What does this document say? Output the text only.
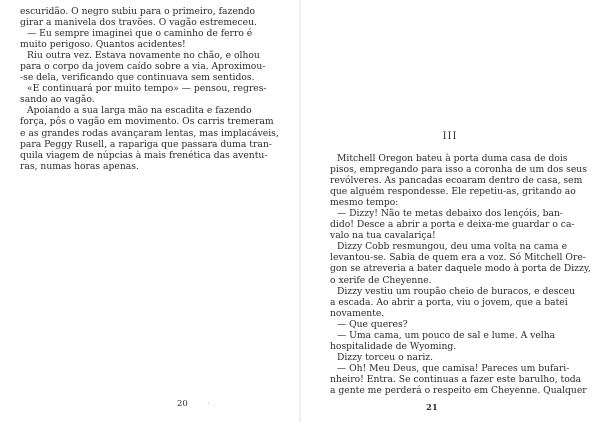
escuridão. O negro subiu para o primeiro, fazendo
girar a manivela dos travões. O vagão estremeceu.
— Eu sempre imaginei que o caminho de ferro é
muito perigoso. Quantos acidentes!
Riu outra vez. Estava novamente no chão, e olhou
para o corpo da jovem caído sobre a via. Aproximou-
-se dela, verificando que continuava sem sentidos.
«E continuará por muito tempo» — pensou, regres-
sando ao vagão.
Apoiando a sua larga mão na escadita e fazendo
força, pôs o vagão em movimento. Os carris tremeram
e as grandes rodas avançaram lentas, mas implacáveis,
para Peggy Rusell, a rapariga que passara duma tran-
quila viagem de núpcias à mais frenética das aventu-
ras, numas horas apenas.
20
III
Mitchell Oregon bateu à porta duma casa de dois
pisos, empregando para isso a coronha de um dos seus
revólveres. As pancadas ecoaram dentro de casa, sem
que alguém respondesse. Ele repetiu-as, gritando ao
mesmo tempo:
— Dizzy! Não te metas debaixo dos lençóis, ban-
dido! Desce a abrir a porta e deixa-me guardar o ca-
valo na tua cavalariça!
Dizzy Cobb resmungou, deu uma volta na cama e
levantou-se. Sabia de quem era a voz. Só Mitchell Ore-
gon se atreveria a bater daquele modo à porta de Dizzy,
o xerife de Cheyenne.
Dizzy vestiu um roupão cheio de buracos, e desceu
a escada. Ao abrir a porta, viu o jovem, que a batei
novamente.
— Que queres?
— Uma cama, um pouco de sal e lume. A velha
hospitalidade de Wyoming.
Dizzy torceu o nariz.
— Oh! Meu Deus, que camisa! Pareces um bufari-
nheiro! Entra. Se continuas a fazer este barulho, toda
a gente me perderá o respeito em Cheyenne. Qualquer
21
